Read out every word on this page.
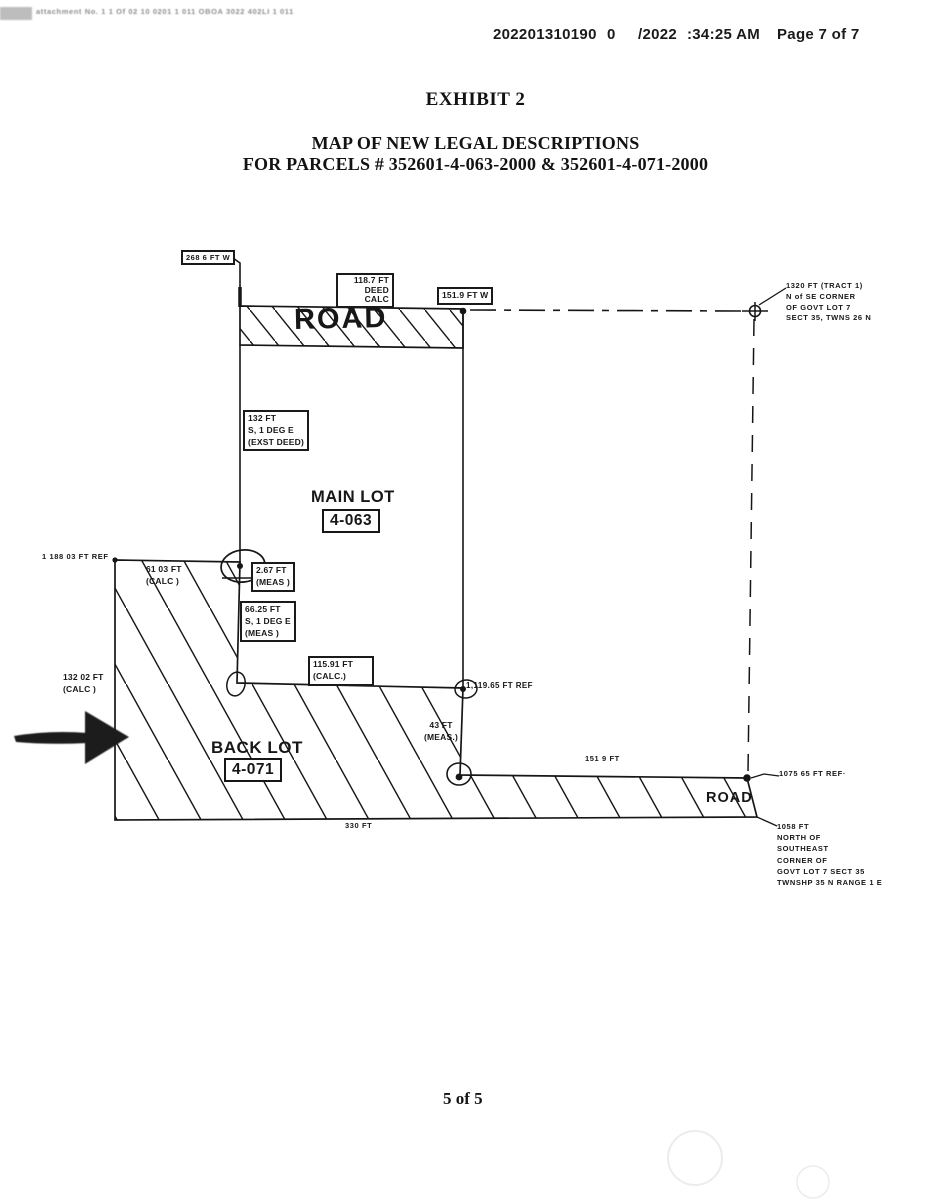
attachment No. 1 1 Of 02 10 0201 1 011 OBOA 3022 402LI 1 011
202201310190 0 /2022 :34:25 AM Page 7 of 7
EXHIBIT 2
MAP OF NEW LEGAL DESCRIPTIONS
FOR PARCELS # 352601-4-063-2000 & 352601-4-071-2000
268 6 FT W
118.7 FT
DEED
CALC	151.9 FT W
ROAD
1320 FT (TRACT 1)
N of SE CORNER
OF GOVT LOT 7
SECT 35, TWNS 26 N
132 FT
S, 1 DEG E
(EXST DEED)
MAIN LOT
4-063
1 188 03 FT REF
61 03 FT
(CALC )
2.67 FT
(MEAS )
66.25 FT
S, 1 DEG E
(MEAS )
132 02 FT
(CALC )
115.91 FT
(CALC.)
1,119.65 FT REF
43 FT
(MEAS.)
BACK LOT
4-071
151 9 FT
1075 65 FT REF·
ROAD
1058 FT
NORTH OF
SOUTHEAST
CORNER OF
GOVT LOT 7 SECT 35
TWNSHP 35 N RANGE 1 E
330 FT
5 of 5
